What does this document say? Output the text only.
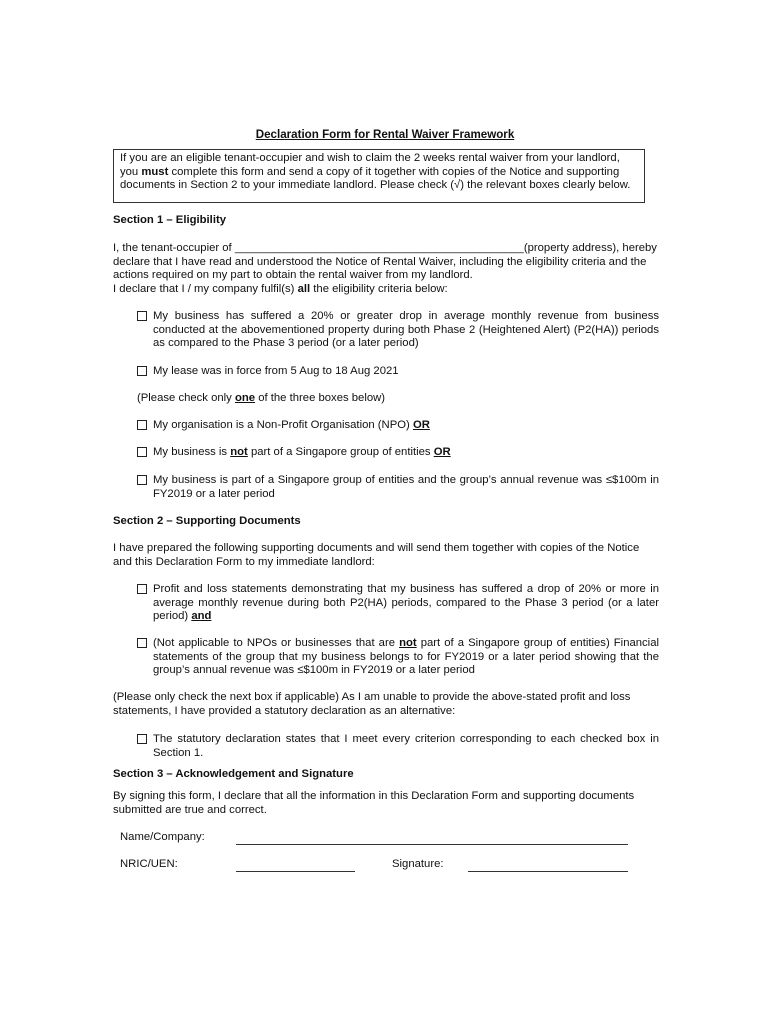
Declaration Form for Rental Waiver Framework
If you are an eligible tenant-occupier and wish to claim the 2 weeks rental waiver from your landlord, you must complete this form and send a copy of it together with copies of the Notice and supporting documents in Section 2 to your immediate landlord. Please check (√) the relevant boxes clearly below.
Section 1 – Eligibility

I, the tenant-occupier of ______________________________________________(property address), hereby declare that I have read and understood the Notice of Rental Waiver, including the eligibility criteria and the actions required on my part to obtain the rental waiver from my landlord.

I declare that I / my company fulfil(s) all the eligibility criteria below:

My business has suffered a 20% or greater drop in average monthly revenue from business conducted at the abovementioned property during both Phase 2 (Heightened Alert) (P2(HA)) periods as compared to the Phase 3 period (or a later period)
My lease was in force from 5 Aug to 18 Aug 2021
(Please check only one of the three boxes below)
My organisation is a Non-Profit Organisation (NPO) OR
My business is not part of a Singapore group of entities OR
My business is part of a Singapore group of entities and the group’s annual revenue was ≤$100m in FY2019 or a later period
Section 2 – Supporting Documents
I have prepared the following supporting documents and will send them together with copies of the Notice and this Declaration Form to my immediate landlord:
Profit and loss statements demonstrating that my business has suffered a drop of 20% or more in average monthly revenue during both P2(HA) periods, compared to the Phase 3 period (or a later period) and
(Not applicable to NPOs or businesses that are not part of a Singapore group of entities) Financial statements of the group that my business belongs to for FY2019 or a later period showing that the group’s annual revenue was ≤$100m in FY2019 or a later period
(Please only check the next box if applicable) As I am unable to provide the above-stated profit and loss statements, I have provided a statutory declaration as an alternative:
The statutory declaration states that I meet every criterion corresponding to each checked box in Section 1.
Section 3 – Acknowledgement and Signature
By signing this form, I declare that all the information in this Declaration Form and supporting documents submitted are true and correct.
Name/Company:
NRIC/UEN:	Signature:
